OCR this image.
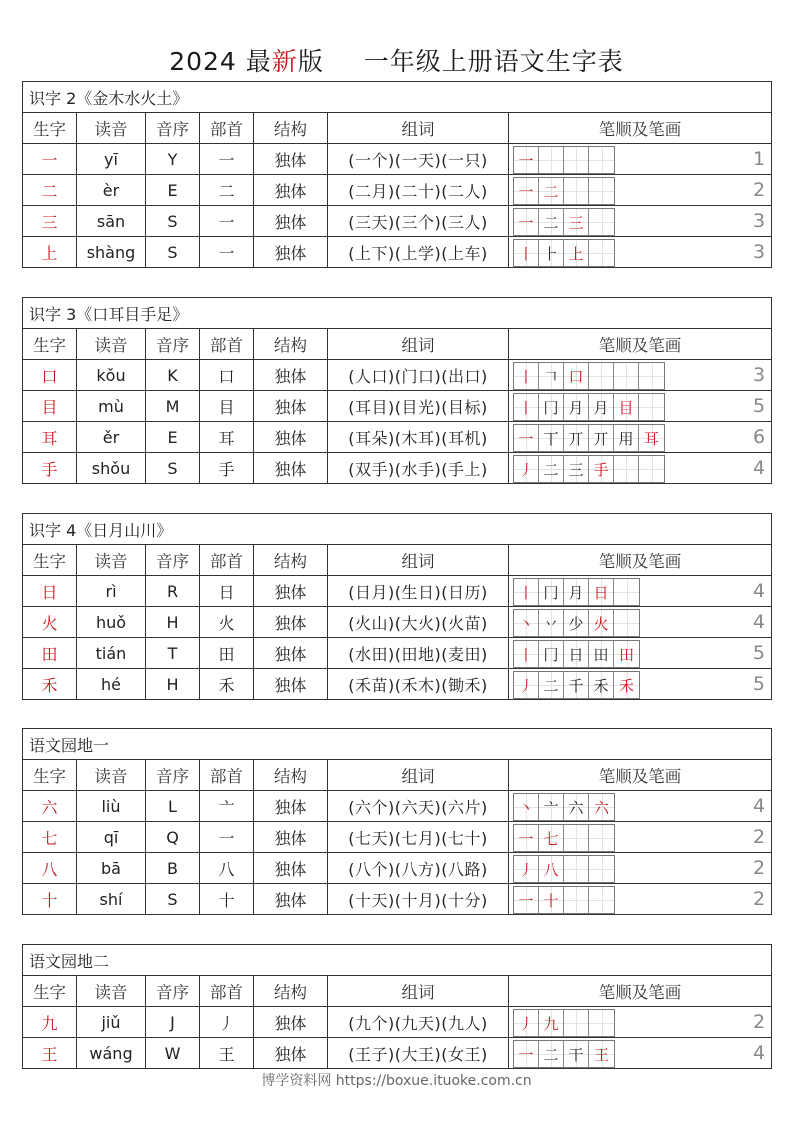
2024 最新版 一年级上册语文生字表
识字 2《金木水火土》						
生字	读音	音序	部首	结构	组词	笔顺及笔画
一	yī	Y	一	独体	(一个)(一天)(一只)	一 1

二	èr	E	二	独体	(二月)(二十)(二人)	一 二 2

三	sān	S	一	独体	(三天)(三个)(三人)	一 二 三 3

上	shàng	S	一	独体	(上下)(上学)(上车)	丨 ⺊ 上 3
识字 3《口耳目手足》						
生字	读音	音序	部首	结构	组词	笔顺及笔画
口	kǒu	K	口	独体	(人口)(门口)(出口)	丨 𠃍 口 3

目	mù	M	目	独体	(耳目)(目光)(目标)	丨 冂 月 月 目	5

耳	ěr	E	耳	独体	(耳朵)(木耳)(耳机)	一 丅 丌 丌 用 耳	6

手	shǒu	S	手	独体	(双手)(水手)(手上)	丿 二 三 手 4
识字 4《日月山川》						
生字	读音	音序	部首	结构	组词	笔顺及笔画
日	rì	R	日	独体	(日月)(生日)(日历)	丨 冂 月 日 4

火	huǒ	H	火	独体	(火山)(大火)(火苗)	丶 丷 少 火 4

田	tián	T	田	独体	(水田)(田地)(麦田)	丨 冂 日 田 田	5

禾	hé	H	禾	独体	(禾苗)(禾木)(锄禾)	丿 二 千 禾 禾	5
语文园地一						
生字	读音	音序	部首	结构	组词	笔顺及笔画
六	liù	L	亠	独体	(六个)(六天)(六片)	丶 亠 六 六 4

七	qī	Q	一	独体	(七天)(七月)(七十)	一 七 2

八	bā	B	八	独体	(八个)(八方)(八路)	丿 八 2

十	shí	S	十	独体	(十天)(十月)(十分)	一 十 2
语文园地二						
生字	读音	音序	部首	结构	组词	笔顺及笔画
九	jiǔ	J	丿	独体	(九个)(九天)(九人)	丿 九 2

王	wáng	W	王	独体	(王子)(大王)(女王)	一 二 干 王 4
博学资料网 https://boxue.ituoke.com.cn
